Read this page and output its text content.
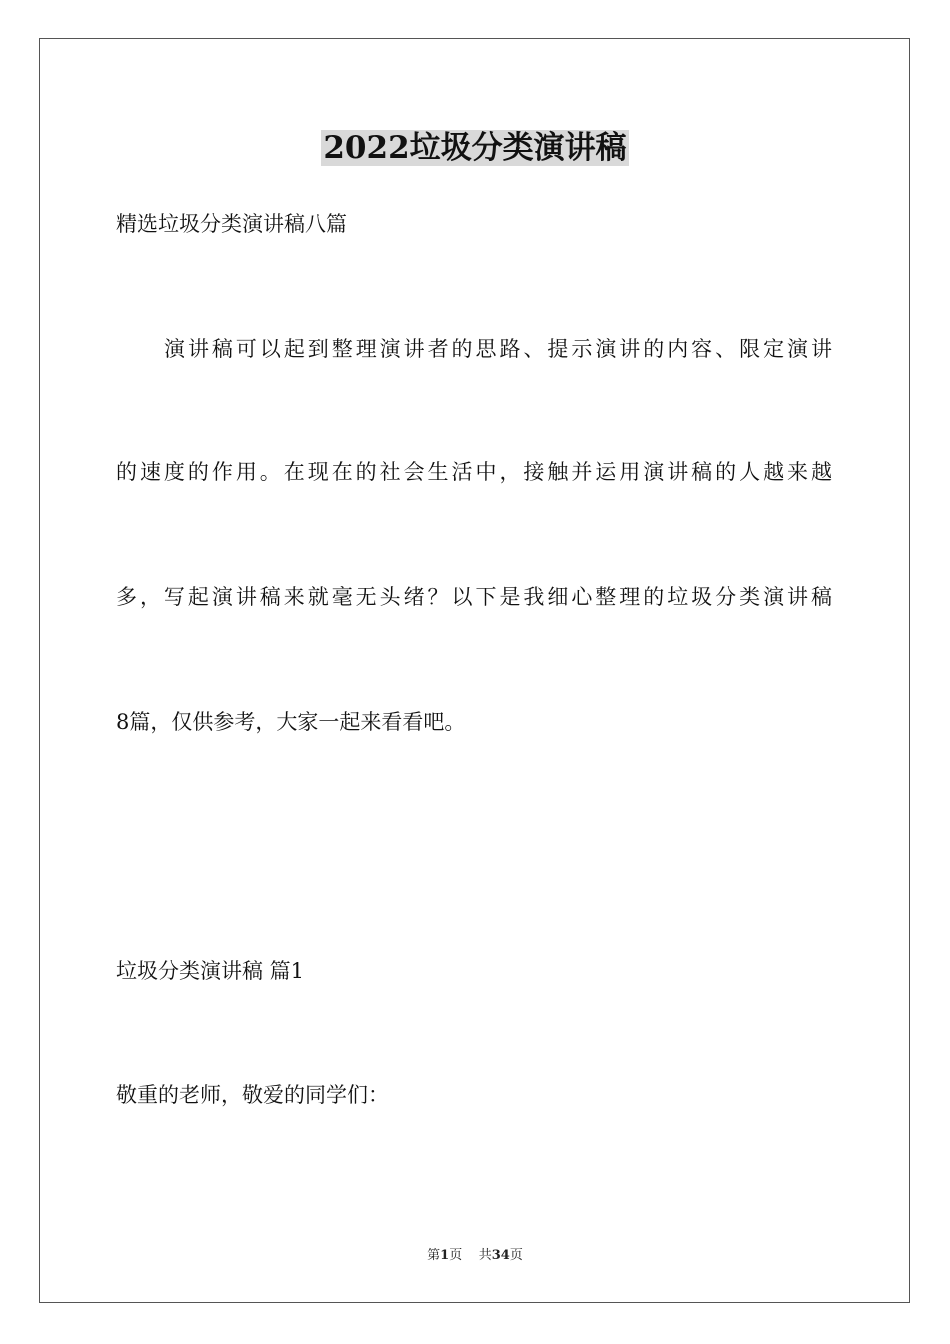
2022垃圾分类演讲稿
精选垃圾分类演讲稿八篇
演讲稿可以起到整理演讲者的思路、提示演讲的内容、限定演讲
的速度的作用。在现在的社会生活中，接触并运用演讲稿的人越来越
多，写起演讲稿来就毫无头绪？以下是我细心整理的垃圾分类演讲稿
8篇，仅供参考，大家一起来看看吧。
垃圾分类演讲稿 篇1
敬重的老师，敬爱的同学们：
第1页 共34页
